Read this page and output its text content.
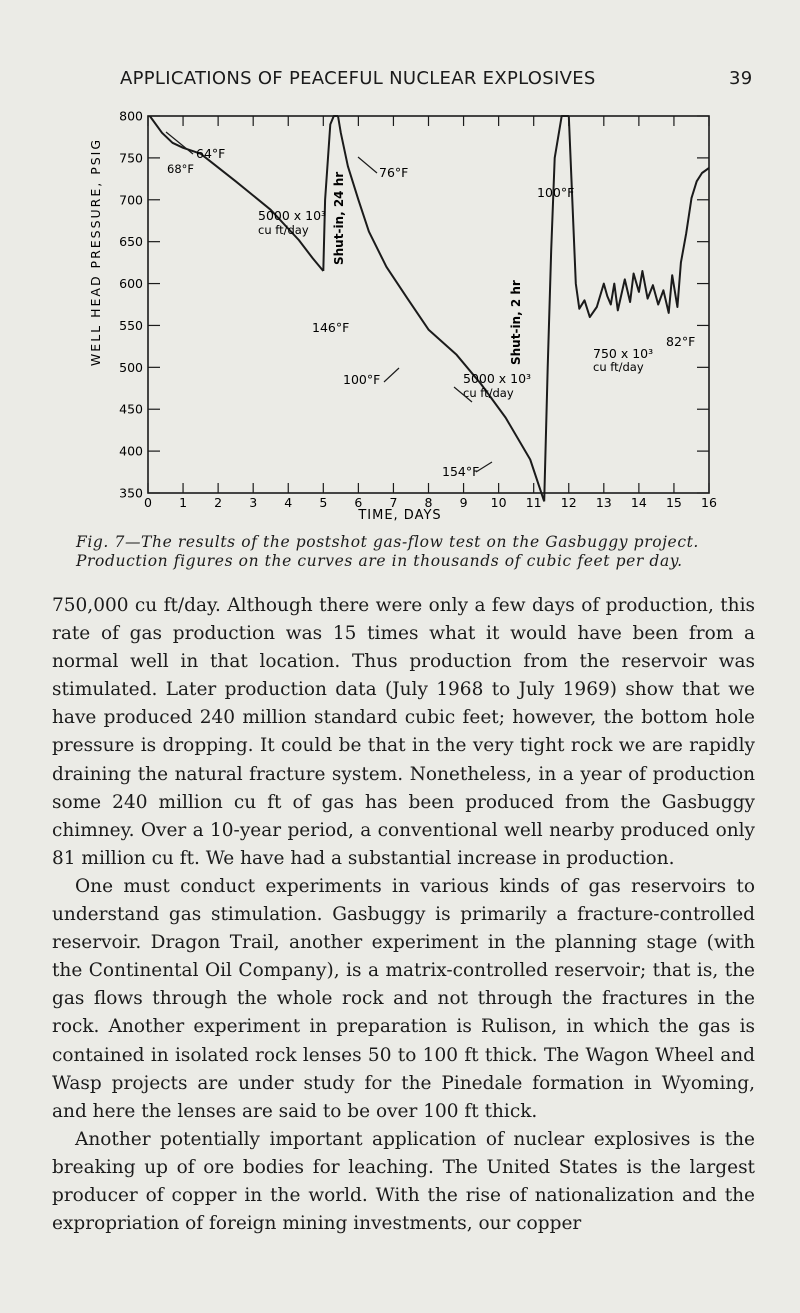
APPLICATIONS OF PEACEFUL NUCLEAR EXPLOSIVES	39
WELL HEAD PRESSURE, PSIG
0 1 2 3 4 5 6 7 8 9 10 11 12 13 14 15 16
800
750
700
650
600
550
500
450
400
350
TIME, DAYS
64°F
68°F
5000 x 10³
cu ft/day
146°F
Shut-in, 24 hr	76°F
100°F
Shut-in, 2 hr
100°F	5000 x 10³
cu ft/day
154°F
750 x 10³
cu ft/day
82°F
Fig. 7—The results of the postshot gas-flow test on the Gasbuggy project. Production figures on the curves are in thousands of cubic feet per day.

750,000 cu ft/day. Although there were only a few days of production, this rate of gas production was 15 times what it would have been from a normal well in that location. Thus production from the reservoir was stimulated. Later production data (July 1968 to July 1969) show that we have produced 240 million standard cubic feet; however, the bottom hole pressure is dropping. It could be that in the very tight rock we are rapidly draining the natural fracture system. Nonetheless, in a year of production some 240 million cu ft of gas has been produced from the Gasbuggy chimney. Over a 10-year period, a conventional well nearby produced only 81 million cu ft. We have had a substantial increase in production.

One must conduct experiments in various kinds of gas reservoirs to understand gas stimulation. Gasbuggy is primarily a fracture-controlled reservoir. Dragon Trail, another experiment in the planning stage (with the Continental Oil Company), is a matrix-controlled reservoir; that is, the gas flows through the whole rock and not through the fractures in the rock. Another experiment in preparation is Rulison, in which the gas is contained in isolated rock lenses 50 to 100 ft thick. The Wagon Wheel and Wasp projects are under study for the Pinedale formation in Wyoming, and here the lenses are said to be over 100 ft thick.

Another potentially important application of nuclear explosives is the breaking up of ore bodies for leaching. The United States is the largest producer of copper in the world. With the rise of nationalization and the expropriation of foreign mining investments, our copper
